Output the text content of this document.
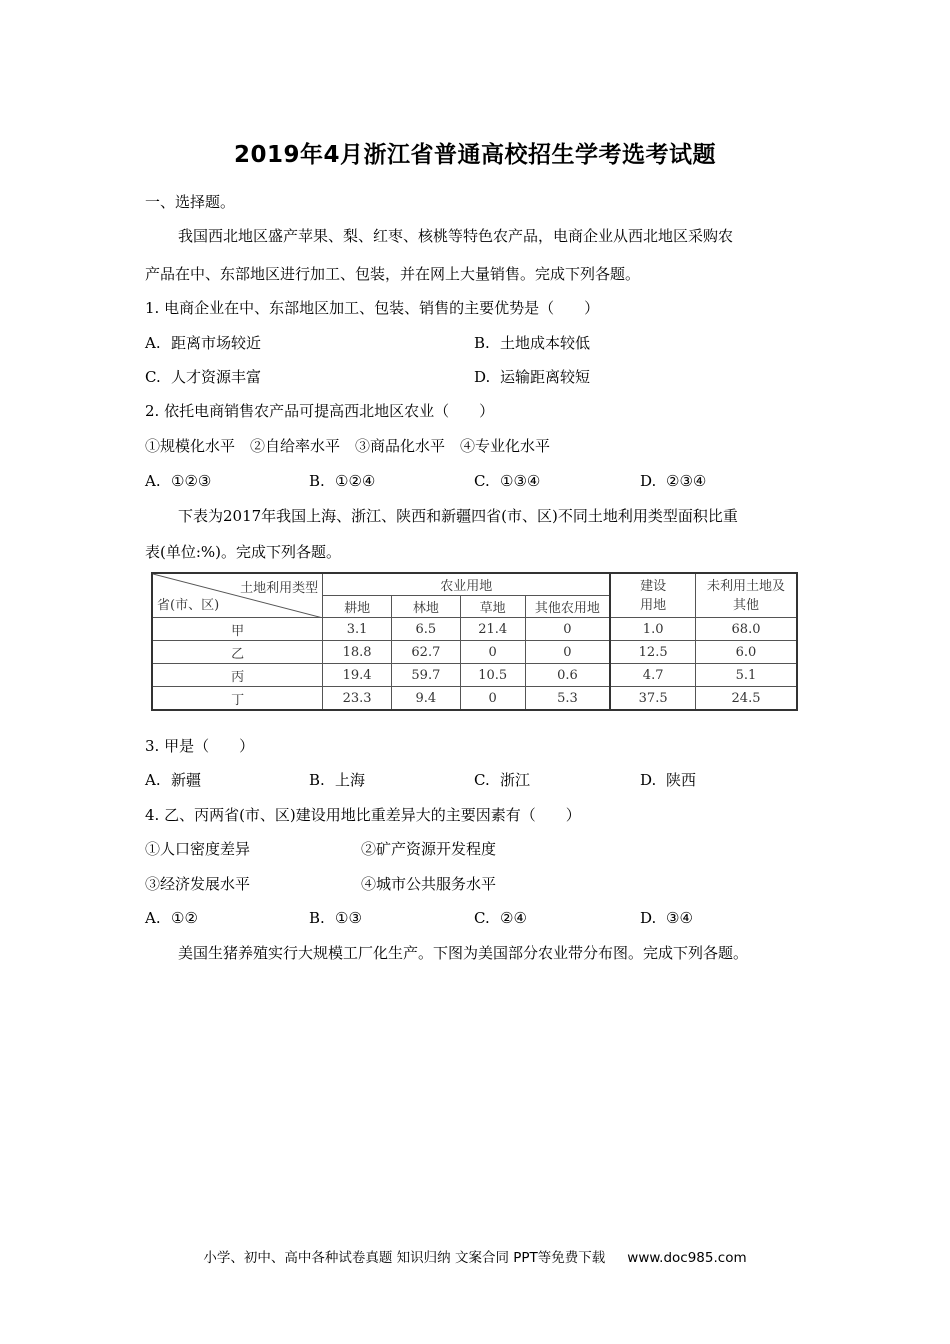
2019年4月浙江省普通高校招生学考选考试题
一、选择题。
我国西北地区盛产苹果、梨、红枣、核桃等特色农产品，电商企业从西北地区采购农
产品在中、东部地区进行加工、包装，并在网上大量销售。完成下列各题。
1. 电商企业在中、东部地区加工、包装、销售的主要优势是（　　）
A. 距离市场较近	B. 土地成本较低
C. 人才资源丰富	D. 运输距离较短
2. 依托电商销售农产品可提高西北地区农业（　　）
①规模化水平　②自给率水平　③商品化水平　④专业化水平
A. ①②③	B. ①②④	C. ①③④	D. ②③④
下表为2017年我国上海、浙江、陕西和新疆四省(市、区)不同土地利用类型面积比重
表(单位:%)。完成下列各题。
土地利用类型
省(市、区)	农业用地				建设用地	未利用土地及其他

	耕地	林地	草地	其他农用地		
甲	3.1	6.5	21.4	0	1.0	68.0
乙	18.8	62.7	0	0	12.5	6.0
丙	19.4	59.7	10.5	0.6	4.7	5.1
丁	23.3	9.4	0	5.3	37.5	24.5
3. 甲是（　　）
A. 新疆	B. 上海	C. 浙江	D. 陕西
4. 乙、丙两省(市、区)建设用地比重差异大的主要因素有（　　）
①人口密度差异	②矿产资源开发程度
③经济发展水平	④城市公共服务水平
A. ①②	B. ①③	C. ②④	D. ③④
美国生猪养殖实行大规模工厂化生产。下图为美国部分农业带分布图。完成下列各题。
小学、初中、高中各种试卷真题 知识归纳 文案合同 PPT等免费下载 www.doc985.com
